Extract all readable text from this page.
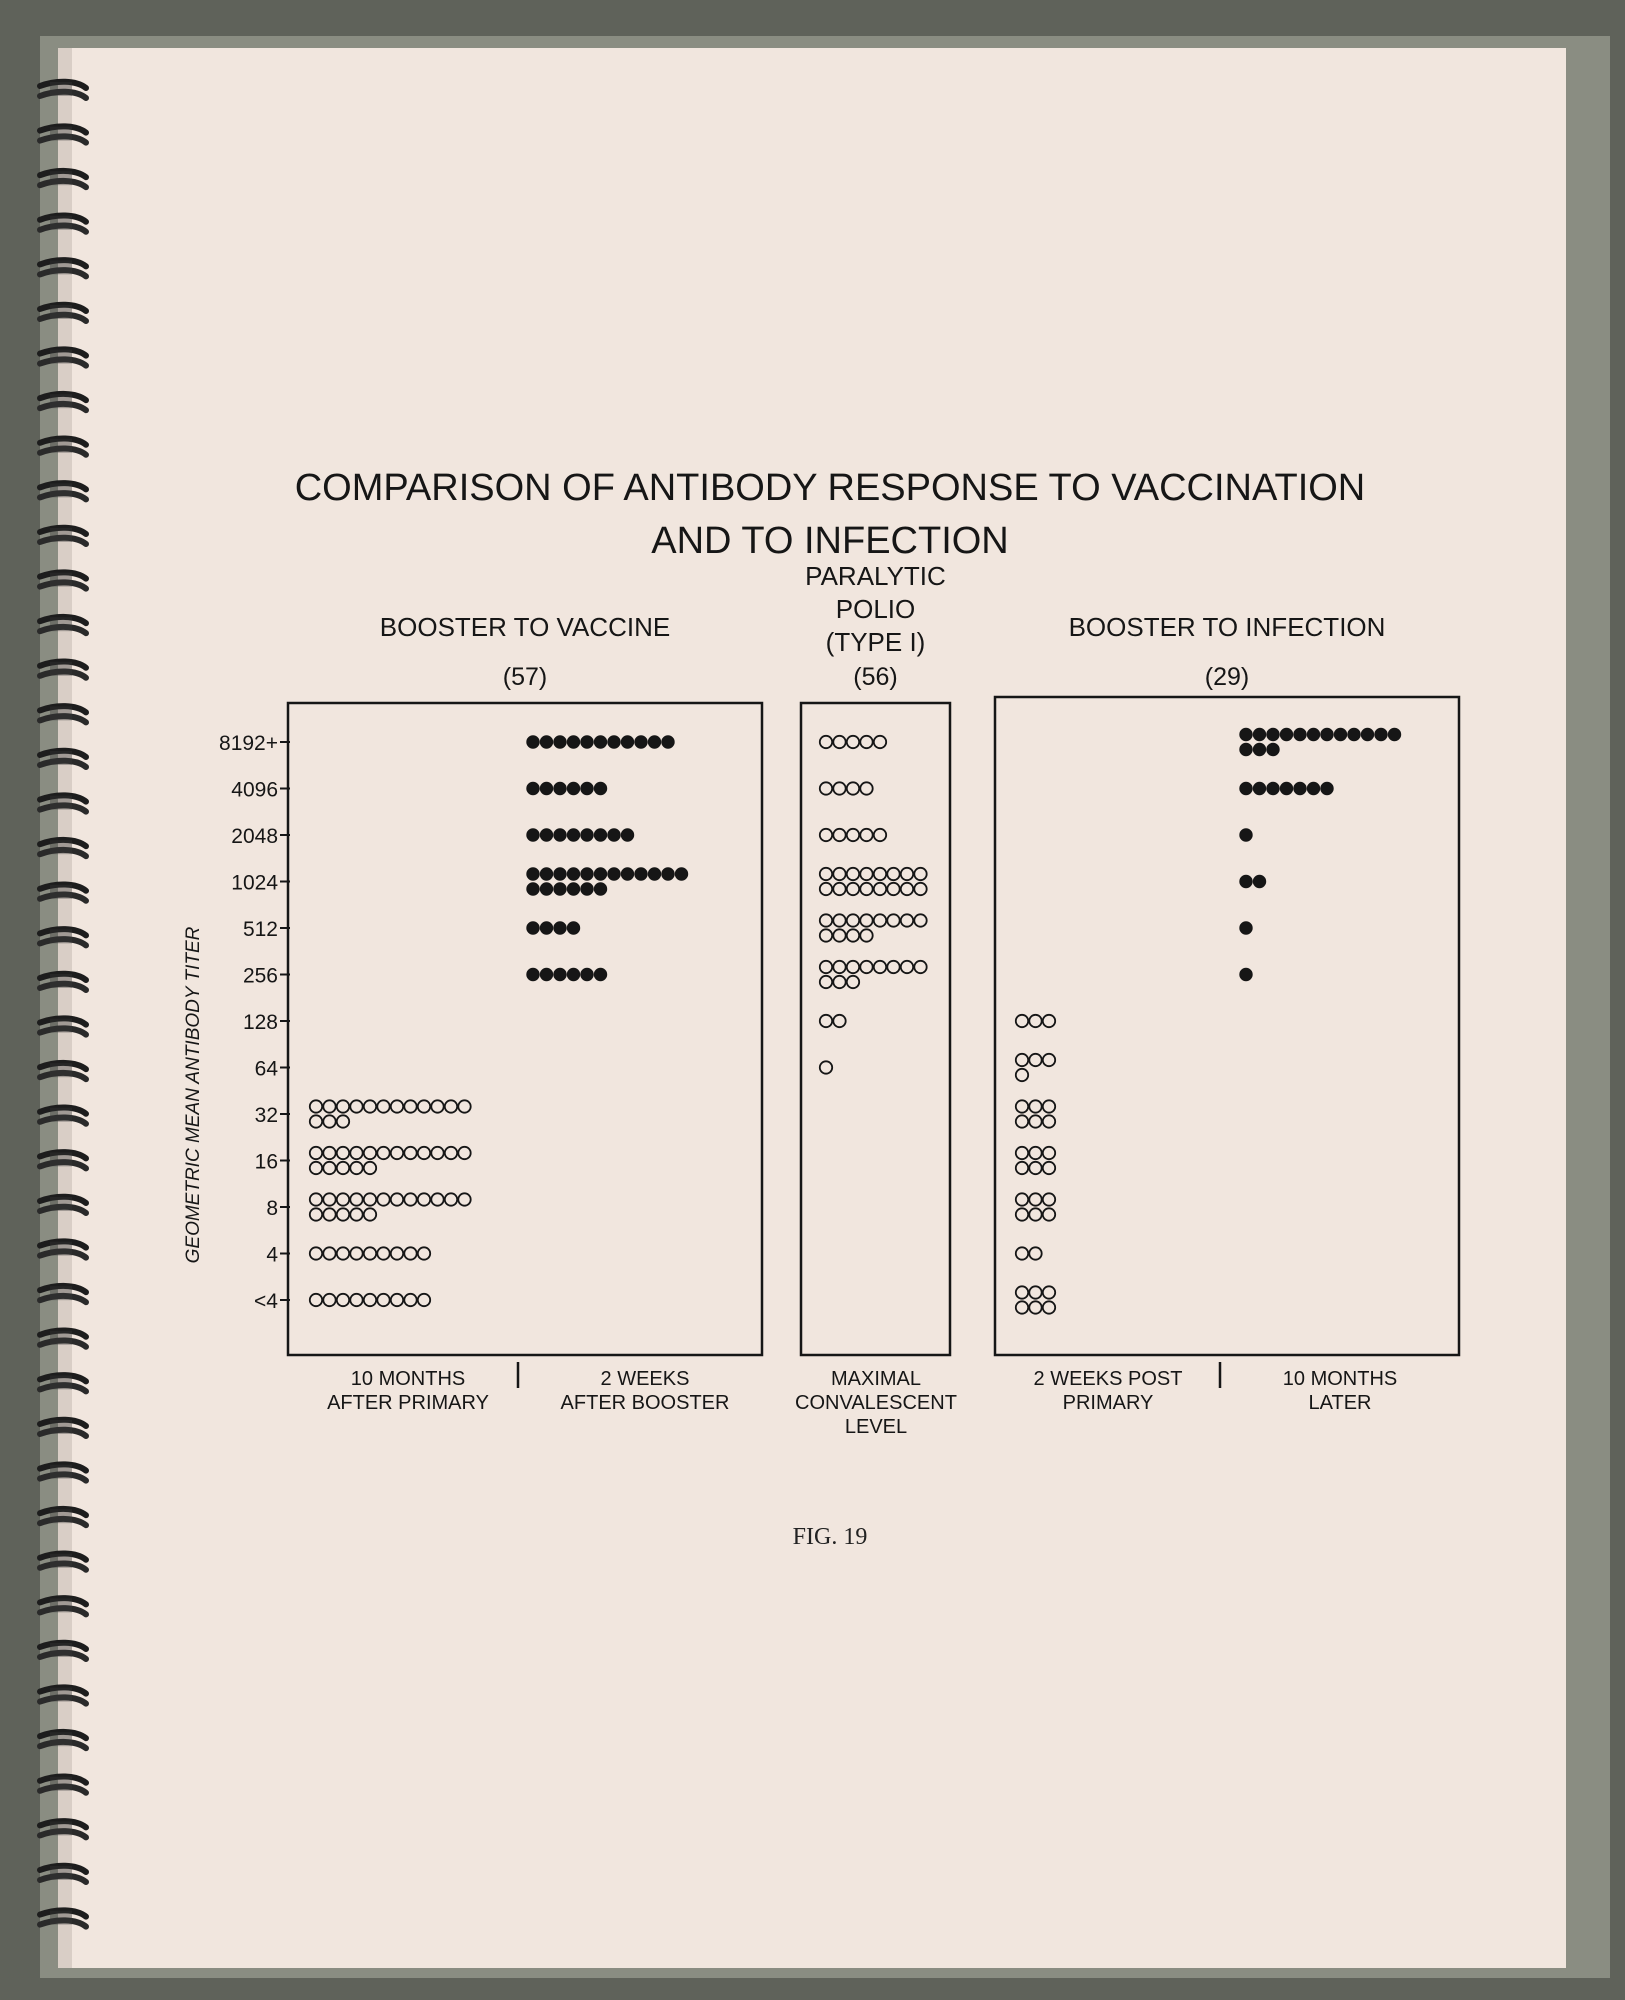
COMPARISON OF ANTIBODY RESPONSE TO VACCINATION
AND TO INFECTION
GEOMETRIC MEAN ANTIBODY TITER
<4
4
8
16
32
64
128
256
512
1024
2048
4096
8192+
BOOSTER TO VACCINE
(57)
10 MONTHS
AFTER PRIMARY
2 WEEKS
AFTER BOOSTER
PARALYTIC
POLIO
(TYPE I)
(56)
MAXIMAL
CONVALESCENT
LEVEL
BOOSTER TO INFECTION
(29)
2 WEEKS POST
PRIMARY
10 MONTHS
LATER
FIG. 19
